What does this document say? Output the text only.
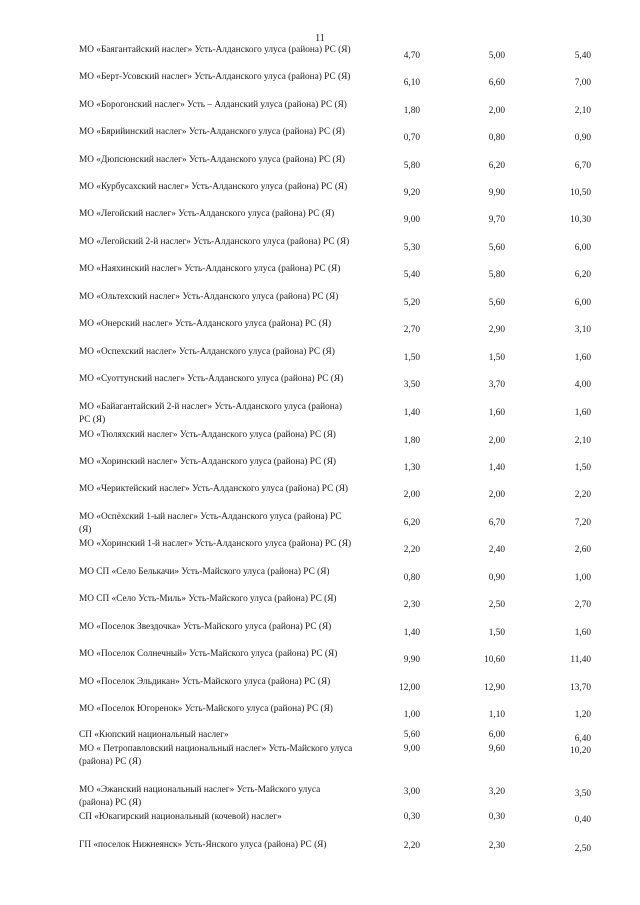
11
МО «Баягантайский наслег» Усть-Алданского улуса (района) РС (Я)
4,70	5,00	5,40
МО «Берт-Усовский наслег» Усть-Алданского улуса (района) РС (Я)
6,10	6,60	7,00
МО «Борогонский наслег» Усть – Алданский улуса (района) РС (Я)
1,80	2,00	2,10
МО «Бярийинский наслег» Усть-Алданского улуса (района) РС (Я)
0,70	0,80	0,90
МО «Дюпсюнский наслег» Усть-Алданского улуса (района) РС (Я)
5,80	6,20	6,70
МО «Курбусахский наслег» Усть-Алданского улуса (района) РС (Я)
9,20	9,90	10,50
МО «Легойский наслег» Усть-Алданского улуса (района) РС (Я)
9,00	9,70	10,30
МО «Легойский 2-й наслег» Усть-Алданского улуса (района) РС (Я)
5,30	5,60	6,00
МО «Наяхинский наслег» Усть-Алданского улуса (района) РС (Я)
5,40	5,80	6,20
МО «Ольтехский наслег» Усть-Алданского улуса (района) РС (Я)
5,20	5,60	6,00
МО «Онерский наслег» Усть-Алданского улуса (района) РС (Я)
2,70	2,90	3,10
МО «Оспехский наслег» Усть-Алданского улуса (района) РС (Я)
1,50	1,50	1,60
МО «Суоттунский наслег» Усть-Алданского улуса (района) РС (Я)
3,50	3,70	4,00
МО «Байагантайский 2-й наслег» Усть-Алданского улуса (района) РС (Я)
1,40	1,60	1,60
МО «Тюляхский наслег» Усть-Алданского улуса (района) РС (Я)
1,80	2,00	2,10
МО «Хоринский наслег» Усть-Алданского улуса (района) РС (Я)
1,30	1,40	1,50
МО «Чериктейский наслег» Усть-Алданского улуса (района) РС (Я)
2,00	2,00	2,20
МО «Оспёхский 1-ый наслег» Усть-Алданского улуса (района) РС (Я)
6,20	6,70	7,20
МО «Хоринский 1-й наслег» Усть-Алданского улуса (района) РС (Я)
2,20	2,40	2,60
МО СП «Село Белькачи» Усть-Майского улуса (района) РС (Я)
0,80	0,90	1,00
МО СП «Село Усть-Миль» Усть-Майского улуса (района) РС (Я)
2,30	2,50	2,70
МО «Поселок Звездочка» Усть-Майского улуса (района) РС (Я)
1,40	1,50	1,60
МО «Поселок Солнечный» Усть-Майского улуса (района) РС (Я)
9,90	10,60	11,40
МО «Поселок Эльдикан» Усть-Майского улуса (района) РС (Я)
12,00	12,90	13,70
МО «Поселок Югоренок» Усть-Майского улуса (района) РС (Я)
1,00	1,10	1,20
СП «Кюпский национальный наслег»	5,60	6,00	6,40
МО « Петропавловский национальный наслег» Усть-Майского улуса (района) РС (Я)
9,00	9,60	10,20
МО «Эжанский национальный наслег» Усть-Майского улуса (района) РС (Я)
3,00	3,20	3,50
СП «Юкагирский национальный (кочевой) наслег»	0,30	0,30	0,40
ГП «поселок Нижнеянск» Усть-Янского улуса (района) РС (Я)	2,20	2,30	2,50
